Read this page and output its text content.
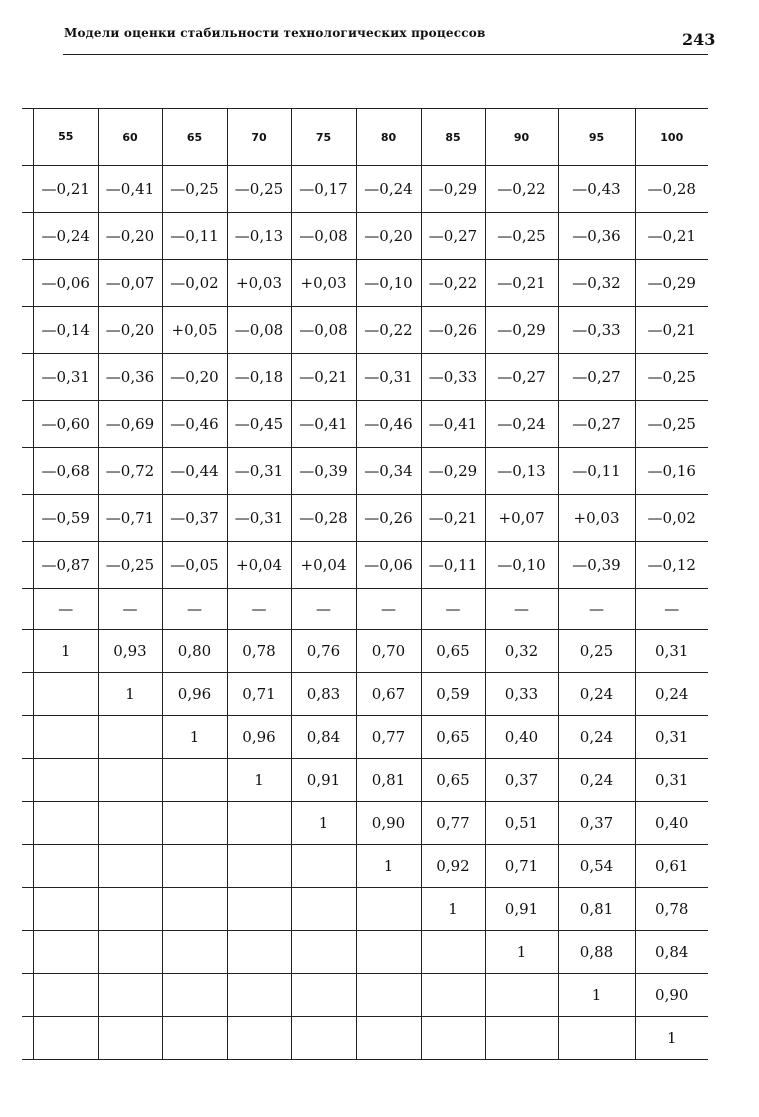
Модели оценки стабильности технологических процессов	243
55	60	65	70	75	80	85	90	95	100

—0,21	—0,41	—0,25	—0,25	—0,17	—0,24	—0,29	—0,22	—0,43	—0,28

—0,24	—0,20	—0,11	—0,13	—0,08	—0,20	—0,27	—0,25	—0,36	—0,21

—0,06	—0,07	—0,02	+0,03	+0,03	—0,10	—0,22	—0,21	—0,32	—0,29

—0,14	—0,20	+0,05	—0,08	—0,08	—0,22	—0,26	—0,29	—0,33	—0,21

—0,31	—0,36	—0,20	—0,18	—0,21	—0,31	—0,33	—0,27	—0,27	—0,25

—0,60	—0,69	—0,46	—0,45	—0,41	—0,46	—0,41	—0,24	—0,27	—0,25

—0,68	—0,72	—0,44	—0,31	—0,39	—0,34	—0,29	—0,13	—0,11	—0,16

—0,59	—0,71	—0,37	—0,31	—0,28	—0,26	—0,21	+0,07	+0,03	—0,02

—0,87	—0,25	—0,05	+0,04	+0,04	—0,06	—0,11	—0,10	—0,39	—0,12

—	—	—	—	—	—	—	—	—	—

1	0,93	0,80	0,78	0,76	0,70	0,65	0,32	0,25	0,31

	1	0,96	0,71	0,83	0,67	0,59	0,33	0,24	0,24

		1	0,96	0,84	0,77	0,65	0,40	0,24	0,31

			1	0,91	0,81	0,65	0,37	0,24	0,31

				1	0,90	0,77	0,51	0,37	0,40

					1	0,92	0,71	0,54	0,61

						1	0,91	0,81	0,78

							1	0,88	0,84

								1	0,90

									1
